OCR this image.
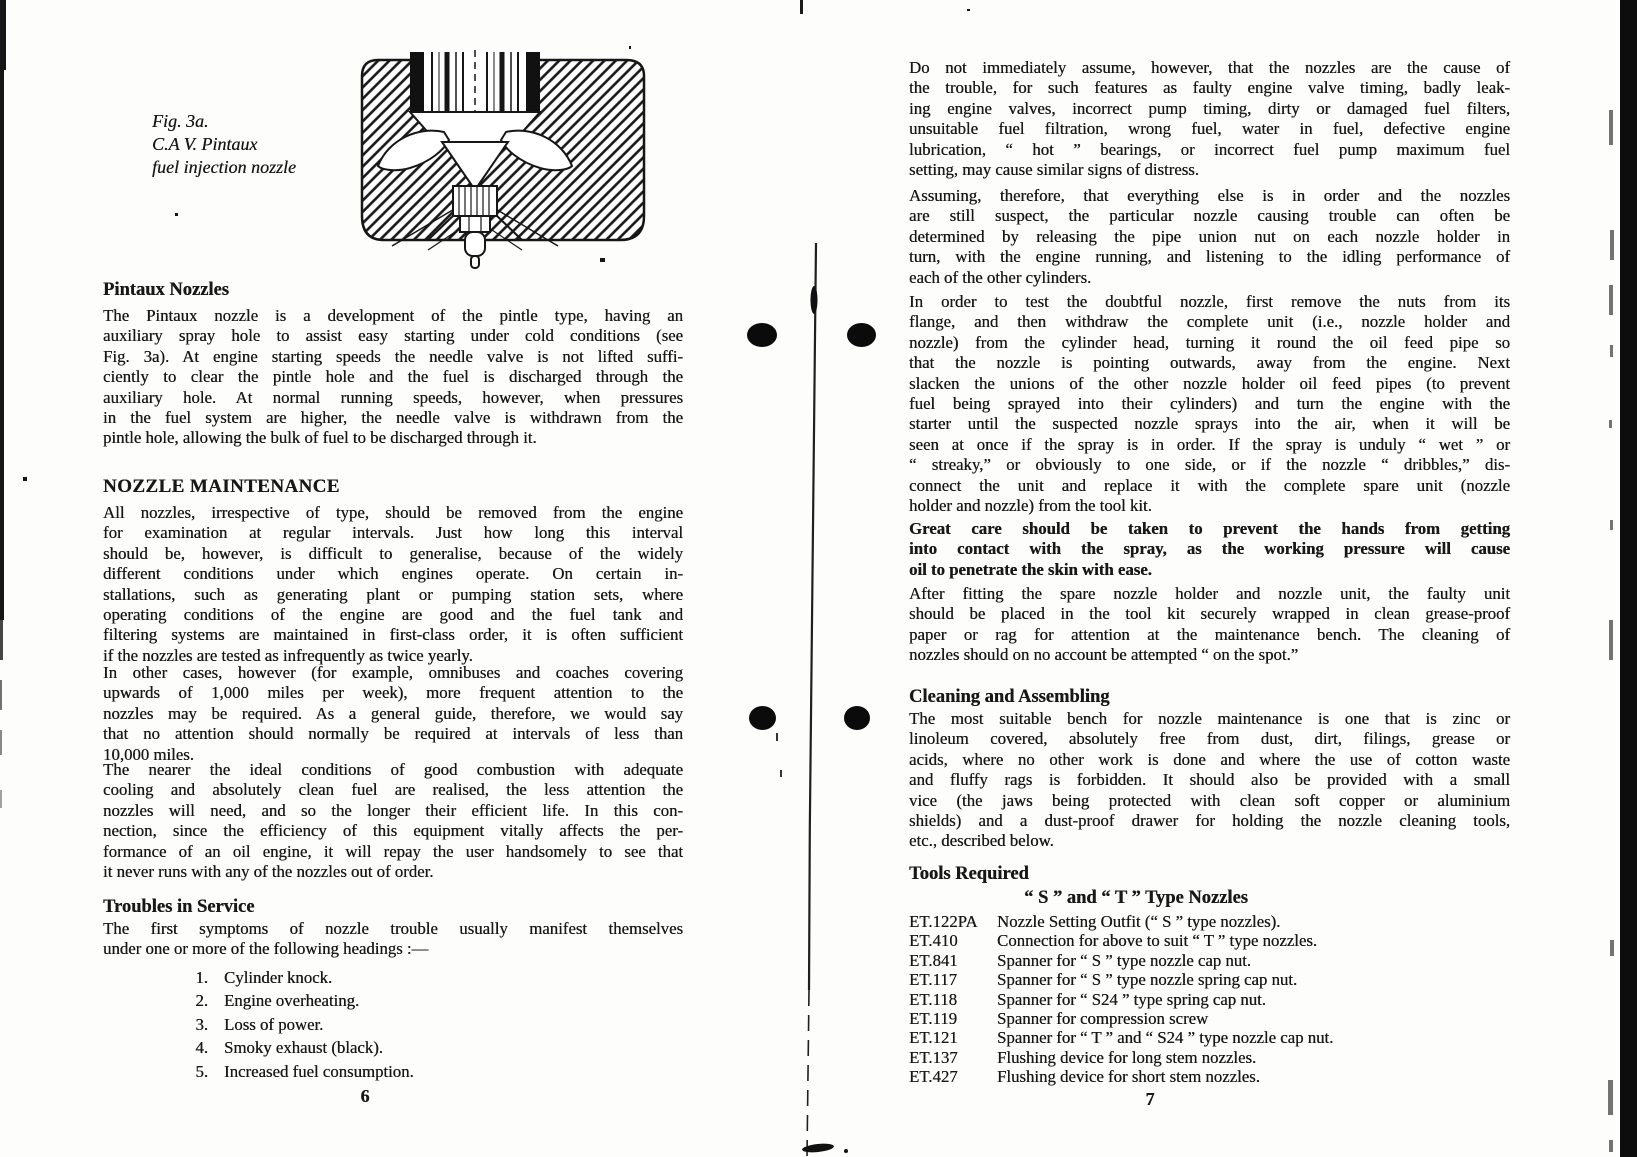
Fig. 3a.
C.A V. Pintaux
fuel injection nozzle
Pintaux Nozzles
The Pintaux nozzle is a development of the pintle type, having an
auxiliary spray hole to assist easy starting under cold conditions (see
Fig. 3a). At engine starting speeds the needle valve is not lifted suffi-
ciently to clear the pintle hole and the fuel is discharged through the
auxiliary hole. At normal running speeds, however, when pressures
in the fuel system are higher, the needle valve is withdrawn from the
pintle hole, allowing the bulk of fuel to be discharged through it.
NOZZLE MAINTENANCE
All nozzles, irrespective of type, should be removed from the engine
for examination at regular intervals. Just how long this interval
should be, however, is difficult to generalise, because of the widely
different conditions under which engines operate. On certain in-
stallations, such as generating plant or pumping station sets, where
operating conditions of the engine are good and the fuel tank and
filtering systems are maintained in first-class order, it is often sufficient
if the nozzles are tested as infrequently as twice yearly.
In other cases, however (for example, omnibuses and coaches covering
upwards of 1,000 miles per week), more frequent attention to the
nozzles may be required. As a general guide, therefore, we would say
that no attention should normally be required at intervals of less than
10,000 miles.
The nearer the ideal conditions of good combustion with adequate
cooling and absolutely clean fuel are realised, the less attention the
nozzles will need, and so the longer their efficient life. In this con-
nection, since the efficiency of this equipment vitally affects the per-
formance of an oil engine, it will repay the user handsomely to see that
it never runs with any of the nozzles out of order.
Troubles in Service
The first symptoms of nozzle trouble usually manifest themselves
under one or more of the following headings :—
1. Cylinder knock.
2. Engine overheating.
3. Loss of power.
4. Smoky exhaust (black).
5. Increased fuel consumption.
6
Do not immediately assume, however, that the nozzles are the cause of
the trouble, for such features as faulty engine valve timing, badly leak-
ing engine valves, incorrect pump timing, dirty or damaged fuel filters,
unsuitable fuel filtration, wrong fuel, water in fuel, defective engine
lubrication, “ hot ” bearings, or incorrect fuel pump maximum fuel
setting, may cause similar signs of distress.
Assuming, therefore, that everything else is in order and the nozzles
are still suspect, the particular nozzle causing trouble can often be
determined by releasing the pipe union nut on each nozzle holder in
turn, with the engine running, and listening to the idling performance of
each of the other cylinders.
In order to test the doubtful nozzle, first remove the nuts from its
flange, and then withdraw the complete unit (i.e., nozzle holder and
nozzle) from the cylinder head, turning it round the oil feed pipe so
that the nozzle is pointing outwards, away from the engine. Next
slacken the unions of the other nozzle holder oil feed pipes (to prevent
fuel being sprayed into their cylinders) and turn the engine with the
starter until the suspected nozzle sprays into the air, when it will be
seen at once if the spray is in order. If the spray is unduly “ wet ” or
“ streaky,” or obviously to one side, or if the nozzle “ dribbles,” dis-
connect the unit and replace it with the complete spare unit (nozzle
holder and nozzle) from the tool kit.
Great care should be taken to prevent the hands from getting
into contact with the spray, as the working pressure will cause
oil to penetrate the skin with ease.
After fitting the spare nozzle holder and nozzle unit, the faulty unit
should be placed in the tool kit securely wrapped in clean grease-proof
paper or rag for attention at the maintenance bench. The cleaning of
nozzles should on no account be attempted “ on the spot.”
Cleaning and Assembling
The most suitable bench for nozzle maintenance is one that is zinc or
linoleum covered, absolutely free from dust, dirt, filings, grease or
acids, where no other work is done and where the use of cotton waste
and fluffy rags is forbidden. It should also be provided with a small
vice (the jaws being protected with clean soft copper or aluminium
shields) and a dust-proof drawer for holding the nozzle cleaning tools,
etc., described below.
Tools Required
“ S ” and “ T ” Type Nozzles
ET.122PA Nozzle Setting Outfit (“ S ” type nozzles).
ET.410 Connection for above to suit “ T ” type nozzles.
ET.841 Spanner for “ S ” type nozzle cap nut.
ET.117 Spanner for “ S ” type nozzle spring cap nut.
ET.118 Spanner for “ S24 ” type spring cap nut.
ET.119 Spanner for compression screw
ET.121 Spanner for “ T ” and “ S24 ” type nozzle cap nut.
ET.137 Flushing device for long stem nozzles.
ET.427 Flushing device for short stem nozzles.
7
